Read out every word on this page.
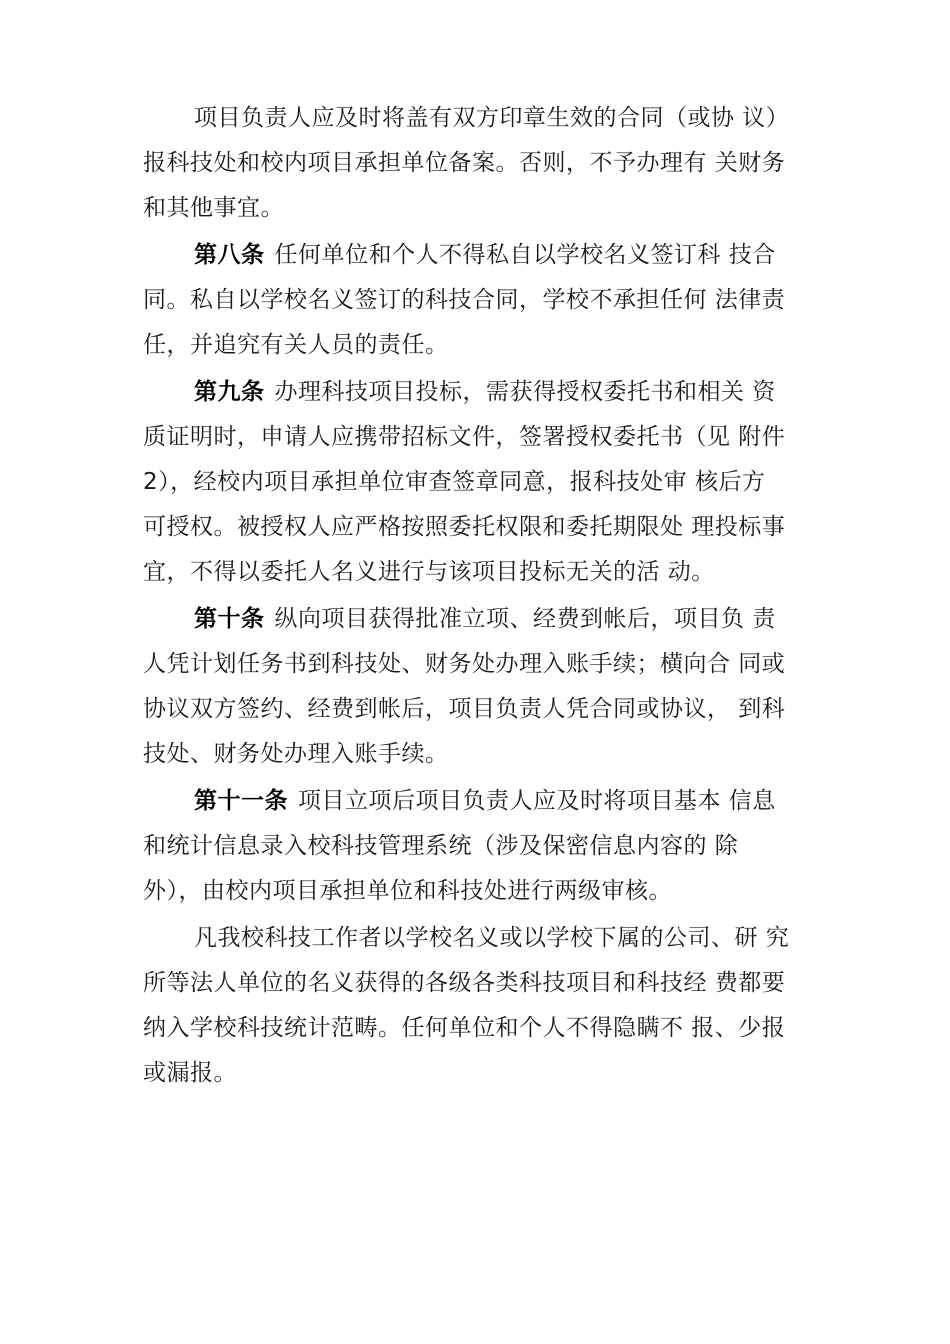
项目负责人应及时将盖有双方印章生效的合同（或协 议）
报科技处和校内项目承担单位备案。否则，不予办理有 关财务
和其他事宜。
第八条 任何单位和个人不得私自以学校名义签订科 技合
同。私自以学校名义签订的科技合同，学校不承担任何 法律责
任，并追究有关人员的责任。
第九条 办理科技项目投标，需获得授权委托书和相关 资
质证明时，申请人应携带招标文件，签署授权委托书（见 附件
2），经校内项目承担单位审查签章同意，报科技处审 核后方
可授权。被授权人应严格按照委托权限和委托期限处 理投标事
宜，不得以委托人名义进行与该项目投标无关的活 动。
第十条 纵向项目获得批准立项、经费到帐后，项目负 责
人凭计划任务书到科技处、财务处办理入账手续；横向合 同或
协议双方签约、经费到帐后，项目负责人凭合同或协议， 到科
技处、财务处办理入账手续。
第十一条 项目立项后项目负责人应及时将项目基本 信息
和统计信息录入校科技管理系统（涉及保密信息内容的 除
外），由校内项目承担单位和科技处进行两级审核。
凡我校科技工作者以学校名义或以学校下属的公司、研 究
所等法人单位的名义获得的各级各类科技项目和科技经 费都要
纳入学校科技统计范畴。任何单位和个人不得隐瞒不 报、少报
或漏报。
